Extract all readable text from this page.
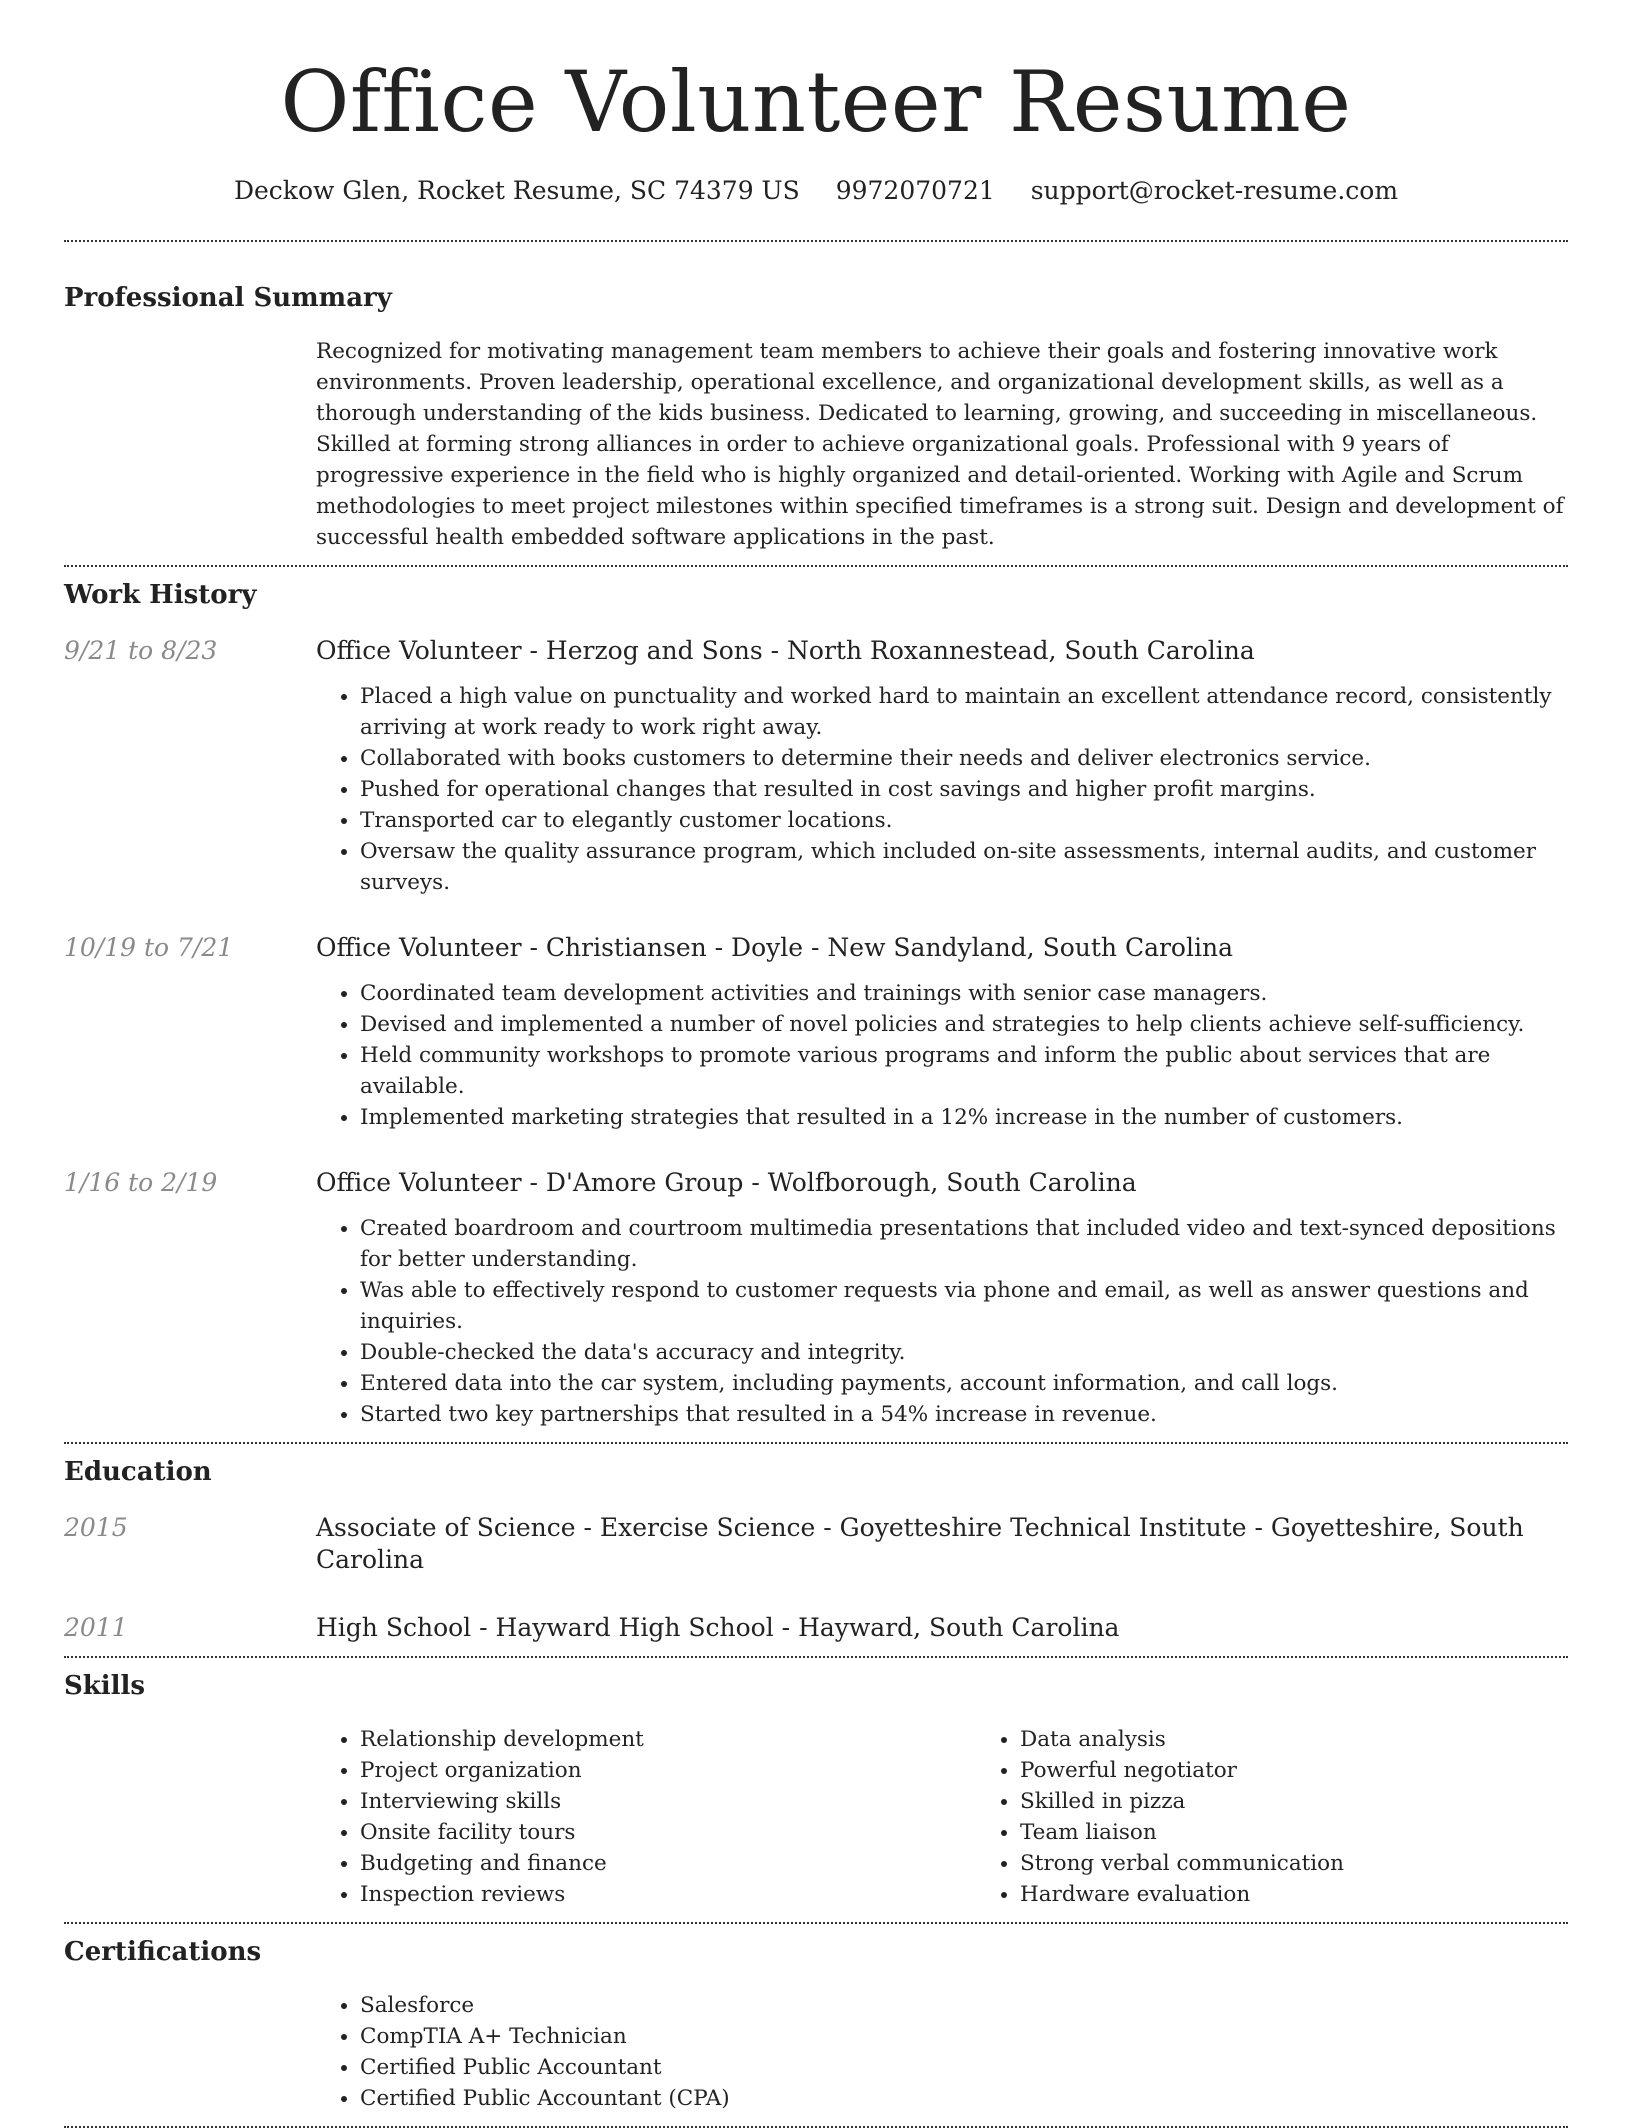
Office Volunteer Resume
Deckow Glen, Rocket Resume, SC 74379 US 9972070721 support@rocket-resume.com
Professional Summary

Recognized for motivating management team members to achieve their goals and fostering innovative work environments. Proven leadership, operational excellence, and organizational development skills, as well as a thorough understanding of the kids business. Dedicated to learning, growing, and succeeding in miscellaneous. Skilled at forming strong alliances in order to achieve organizational goals. Professional with 9 years of progressive experience in the field who is highly organized and detail-oriented. Working with Agile and Scrum methodologies to meet project milestones within specified timeframes is a strong suit. Design and development of successful health embedded software applications in the past.

Work History
9/21 to 8/23	Office Volunteer - Herzog and Sons - North Roxannestead, South Carolina
• Placed a high value on punctuality and worked hard to maintain an excellent attendance record, consistently arriving at work ready to work right away.
• Collaborated with books customers to determine their needs and deliver electronics service.
• Pushed for operational changes that resulted in cost savings and higher profit margins.
• Transported car to elegantly customer locations.
• Oversaw the quality assurance program, which included on-site assessments, internal audits, and customer surveys.
10/19 to 7/21	Office Volunteer - Christiansen - Doyle - New Sandyland, South Carolina
• Coordinated team development activities and trainings with senior case managers.
• Devised and implemented a number of novel policies and strategies to help clients achieve self-sufficiency.
• Held community workshops to promote various programs and inform the public about services that are available.
• Implemented marketing strategies that resulted in a 12% increase in the number of customers.
1/16 to 2/19	Office Volunteer - D'Amore Group - Wolfborough, South Carolina
• Created boardroom and courtroom multimedia presentations that included video and text-synced depositions for better understanding.
• Was able to effectively respond to customer requests via phone and email, as well as answer questions and inquiries.
• Double-checked the data's accuracy and integrity.
• Entered data into the car system, including payments, account information, and call logs.
• Started two key partnerships that resulted in a 54% increase in revenue.
Education
2015	Associate of Science - Exercise Science - Goyetteshire Technical Institute - Goyetteshire, South Carolina
2011	High School - Hayward High School - Hayward, South Carolina
Skills
• Relationship development
• Project organization
• Interviewing skills
• Onsite facility tours
• Budgeting and finance
• Inspection reviews
• Data analysis
• Powerful negotiator
• Skilled in pizza
• Team liaison
• Strong verbal communication
• Hardware evaluation
Certifications
• Salesforce
• CompTIA A+ Technician
• Certified Public Accountant
• Certified Public Accountant (CPA)
